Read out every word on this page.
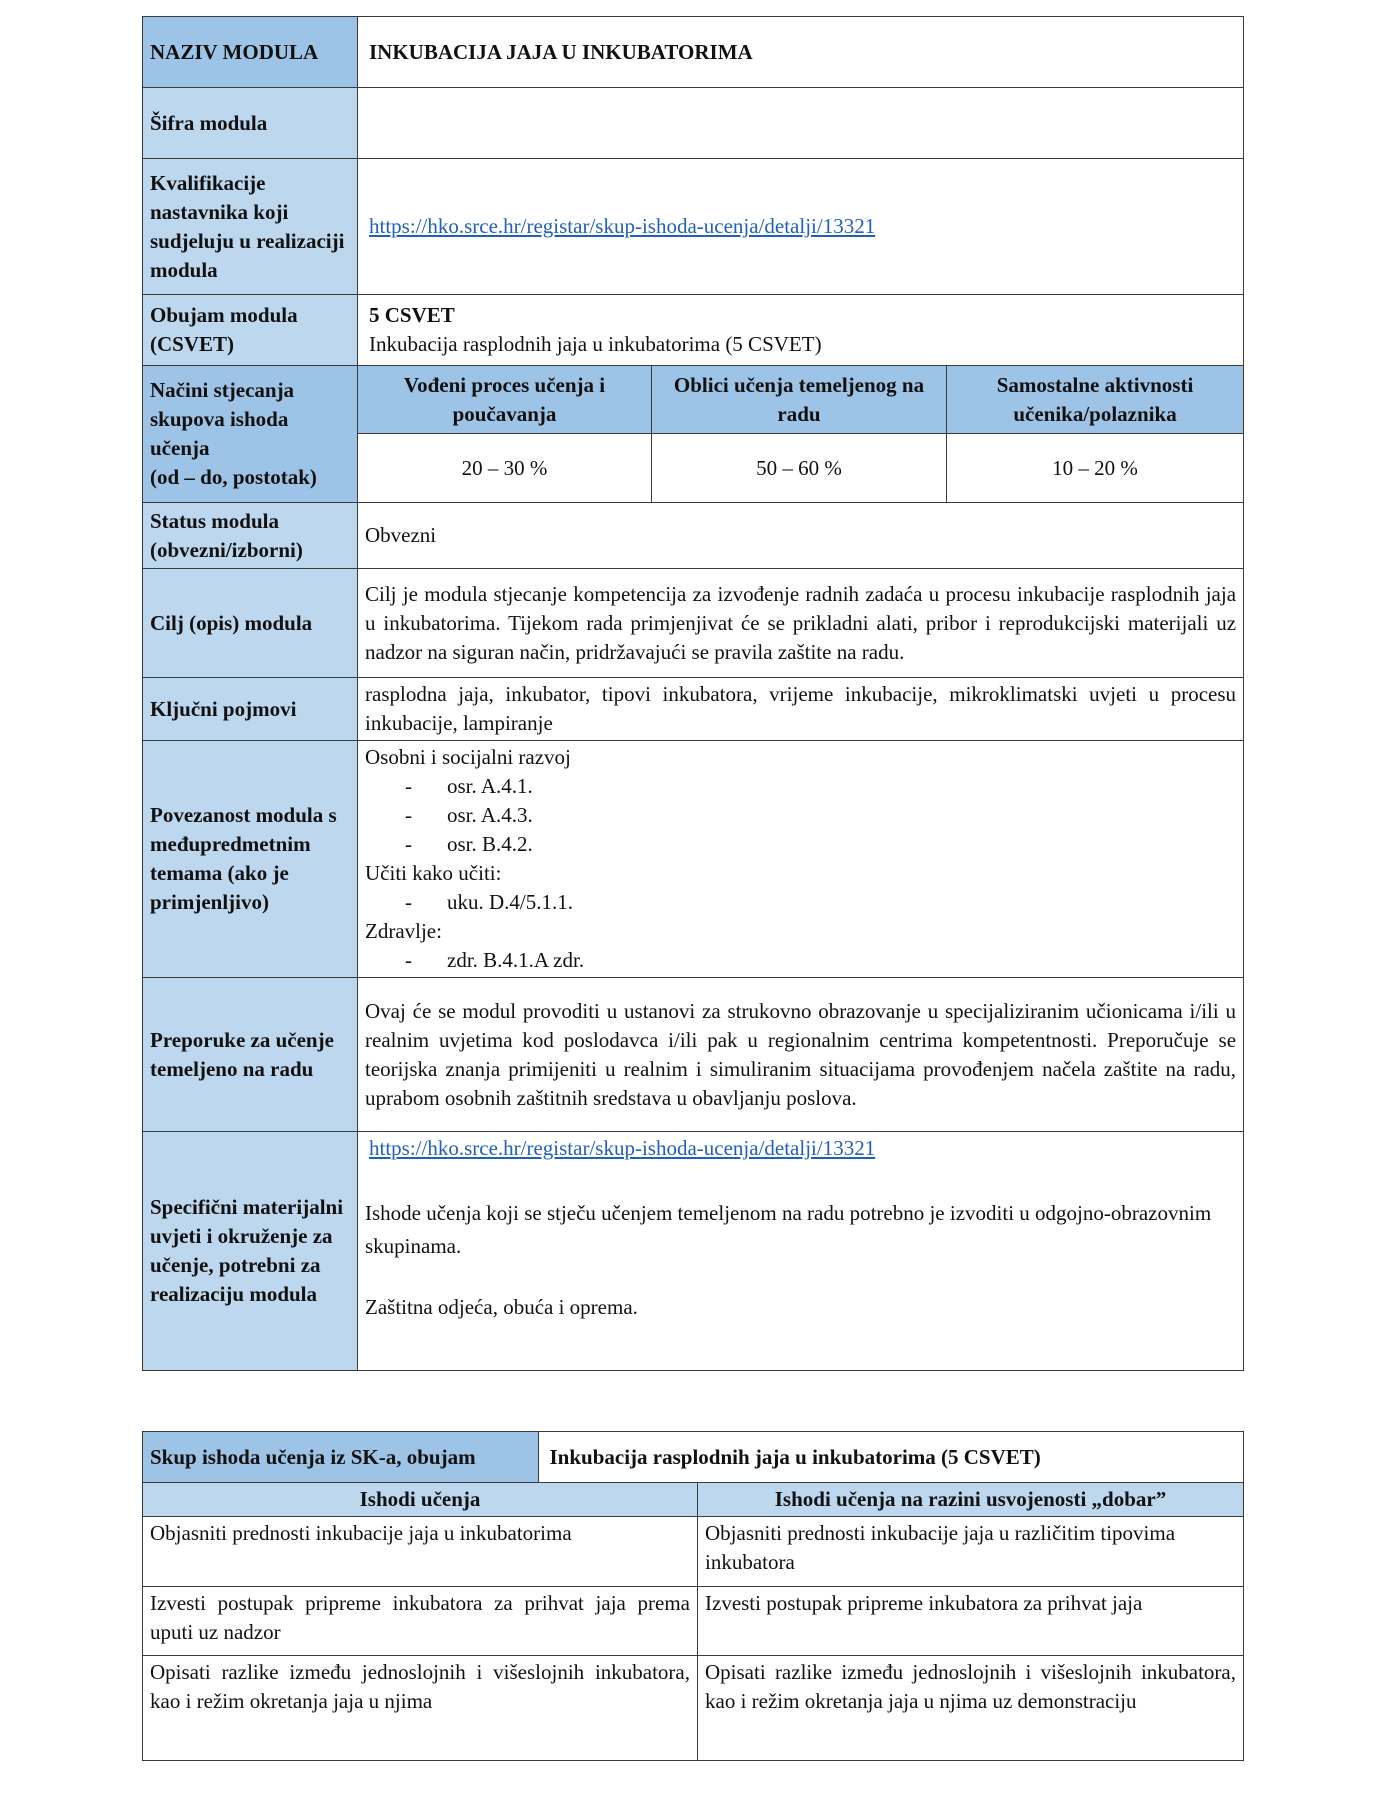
NAZIV MODULA	INKUBACIJA JAJA U INKUBATORIMA		
Šifra modula			
Kvalifikacije nastavnika koji sudjeluju u realizaciji modula	https://hko.srce.hr/registar/skup-ishoda-ucenja/detalji/13321		
Obujam modula (CSVET)	5 CSVET
Inkubacija rasplodnih jaja u inkubatorima (5 CSVET)		

Načini stjecanja skupova ishoda učenja
(od – do, postotak)	Vođeni proces učenja i poučavanja	Oblici učenja temeljenog na radu	Samostalne aktivnosti učenika/polaznika
	20 – 30 %	50 – 60 %	10 – 20 %
Status modula (obvezni/izborni)	Obvezni		
Cilj (opis) modula	Cilj je modula stjecanje kompetencija za izvođenje radnih zadaća u procesu inkubacije rasplodnih jaja u inkubatorima. Tijekom rada primjenjivat će se prikladni alati, pribor i reprodukcijski materijali uz nadzor na siguran način, pridržavajući se pravila zaštite na radu.		
Ključni pojmovi	rasplodna jaja, inkubator, tipovi inkubatora, vrijeme inkubacije, mikroklimatski uvjeti u procesu inkubacije, lampiranje		
Povezanost modula s međupredmetnim temama (ako je primjenljivo)	
Osobni i socijalni razvoj
- osr. A.4.1.
- osr. A.4.3.
- osr. B.4.2.
Učiti kako učiti:
- uku. D.4/5.1.1.
Zdravlje:
- zdr. B.4.1.A zdr.

Preporuke za učenje temeljeno na radu	Ovaj će se modul provoditi u ustanovi za strukovno obrazovanje u specijaliziranim učionicama i/ili u realnim uvjetima kod poslodavca i/ili pak u regionalnim centrima kompetentnosti. Preporučuje se teorijska znanja primijeniti u realnim i simuliranim situacijama provođenjem načela zaštite na radu, uprabom osobnih zaštitnih sredstava u obavljanju poslova.		
Specifični materijalni uvjeti i okruženje za učenje, potrebni za realizaciju modula	https://hko.srce.hr/registar/skup-ishoda-ucenja/detalji/13321
Ishode učenja koji se stječu učenjem temeljenom na radu potrebno je izvoditi u odgojno-obrazovnim skupinama.
Zaštitna odjeća, obuća i oprema.		
Skup ishoda učenja iz SK-a, obujam	Inkubacija rasplodnih jaja u inkubatorima (5 CSVET)

Ishodi učenja	Ishodi učenja na razini usvojenosti „dobar”
Objasniti prednosti inkubacije jaja u inkubatorima	Objasniti prednosti inkubacije jaja u različitim tipovima inkubatora
Izvesti postupak pripreme inkubatora za prihvat jaja prema uputi uz nadzor	Izvesti postupak pripreme inkubatora za prihvat jaja
Opisati razlike između jednoslojnih i višeslojnih inkubatora, kao i režim okretanja jaja u njima	Opisati razlike između jednoslojnih i višeslojnih inkubatora, kao i režim okretanja jaja u njima uz demonstraciju
